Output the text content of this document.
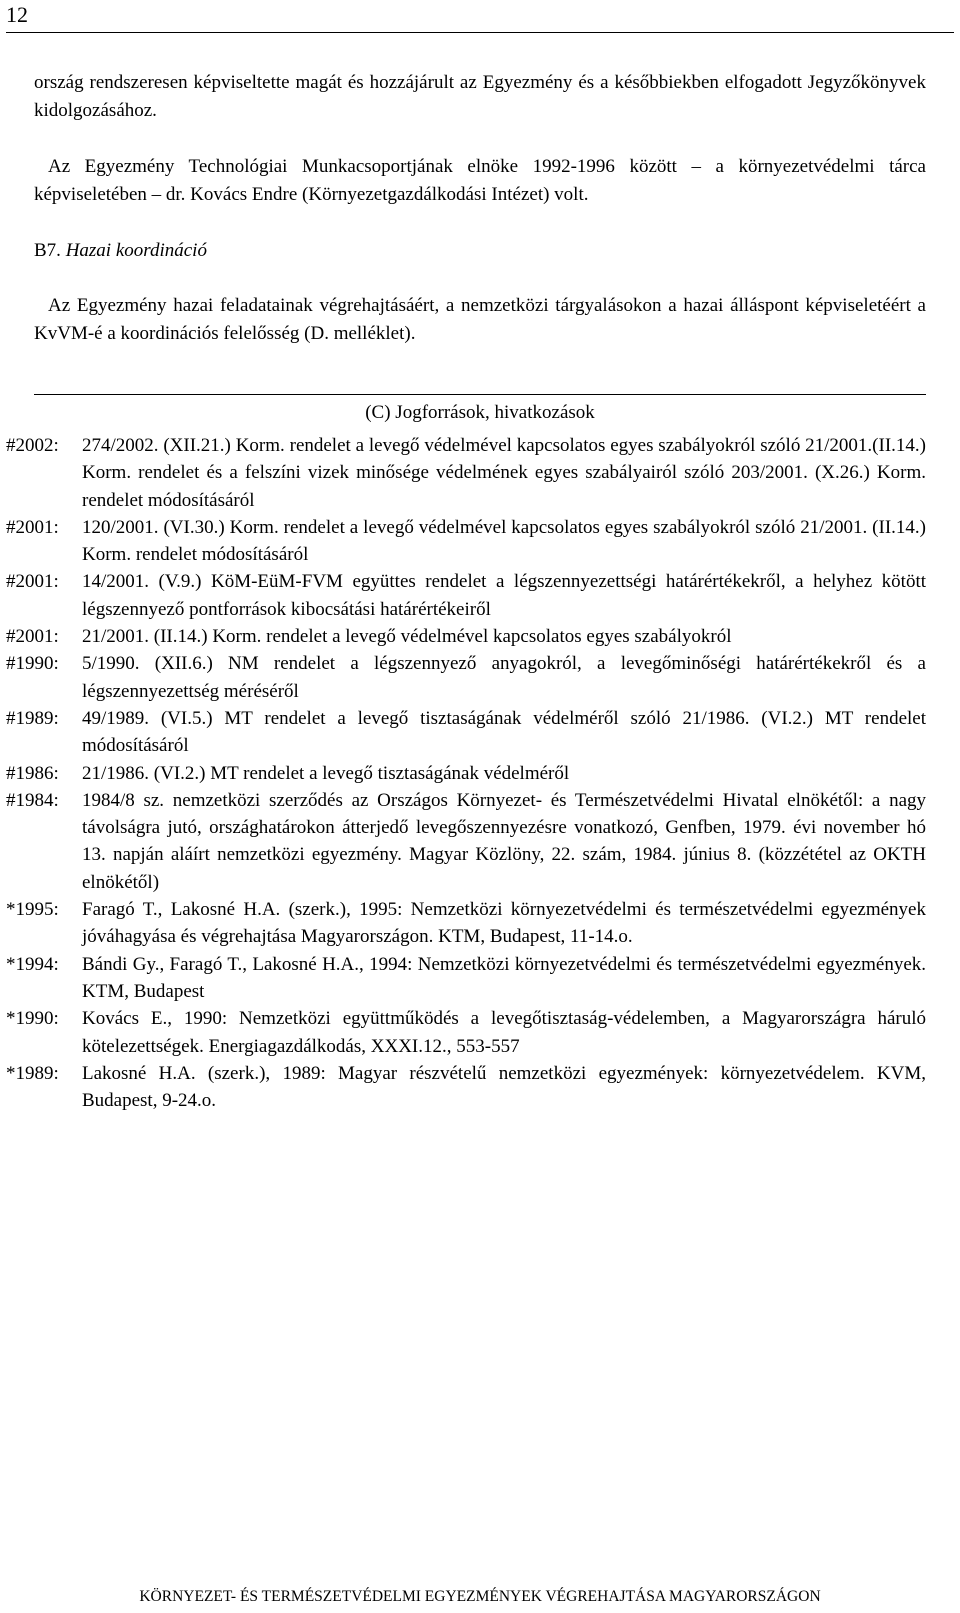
12

ország rendszeresen képviseltette magát és hozzájárult az Egyezmény és a későbbiekben elfogadott Jegyzőkönyvek kidolgozásához.

Az Egyezmény Technológiai Munkacsoportjának elnöke 1992-1996 között – a környezetvédelmi tárca képviseletében – dr. Kovács Endre (Környezetgazdálkodási Intézet) volt.

B7. Hazai koordináció

Az Egyezmény hazai feladatainak végrehajtásáért, a nemzetközi tárgyalásokon a hazai álláspont képviseletéért a KvVM-é a koordinációs felelősség (D. melléklet).

(C) Jogforrások, hivatkozások

#2002: 274/2002. (XII.21.) Korm. rendelet a levegő védelmével kapcsolatos egyes szabályokról szóló 21/2001.(II.14.) Korm. rendelet és a felszíni vizek minősége védelmének egyes szabályairól szóló 203/2001. (X.26.) Korm. rendelet módosításáról
#2001: 120/2001. (VI.30.) Korm. rendelet a levegő védelmével kapcsolatos egyes szabályokról szóló 21/2001. (II.14.) Korm. rendelet módosításáról
#2001: 14/2001. (V.9.) KöM-EüM-FVM együttes rendelet a légszennyezettségi határértékekről, a helyhez kötött légszennyező pontforrások kibocsátási határértékeiről
#2001: 21/2001. (II.14.) Korm. rendelet a levegő védelmével kapcsolatos egyes szabályokról
#1990: 5/1990. (XII.6.) NM rendelet a légszennyező anyagokról, a levegőminőségi határértékekről és a légszennyezettség méréséről
#1989: 49/1989. (VI.5.) MT rendelet a levegő tisztaságának védelméről szóló 21/1986. (VI.2.) MT rendelet módosításáról
#1986: 21/1986. (VI.2.) MT rendelet a levegő tisztaságának védelméről
#1984: 1984/8 sz. nemzetközi szerződés az Országos Környezet- és Természetvédelmi Hivatal elnökétől: a nagy távolságra jutó, országhatárokon átterjedő levegőszennyezésre vonatkozó, Genfben, 1979. évi november hó 13. napján aláírt nemzetközi egyezmény. Magyar Közlöny, 22. szám, 1984. június 8. (közzététel az OKTH elnökétől)
*1995: Faragó T., Lakosné H.A. (szerk.), 1995: Nemzetközi környezetvédelmi és természetvédelmi egyezmények jóváhagyása és végrehajtása Magyarországon. KTM, Budapest, 11-14.o.
*1994: Bándi Gy., Faragó T., Lakosné H.A., 1994: Nemzetközi környezetvédelmi és természetvédelmi egyezmények. KTM, Budapest
*1990: Kovács E., 1990: Nemzetközi együttműködés a levegőtisztaság-védelemben, a Magyarországra háruló kötelezettségek. Energiagazdálkodás, XXXI.12., 553-557
*1989: Lakosné H.A. (szerk.), 1989: Magyar részvételű nemzetközi egyezmények: környezetvédelem. KVM, Budapest, 9-24.o.

KÖRNYEZET- ÉS TERMÉSZETVÉDELMI EGYEZMÉNYEK VÉGREHAJTÁSA MAGYARORSZÁGON
